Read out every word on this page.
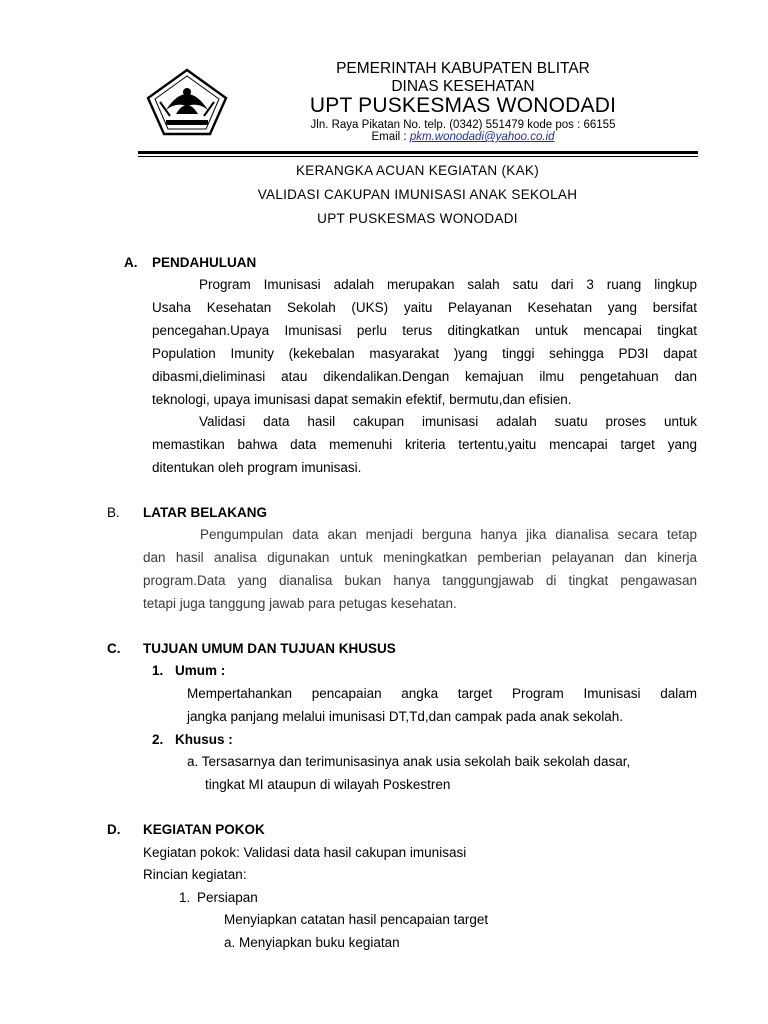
PEMERINTAH KABUPATEN BLITAR
DINAS KESEHATAN
UPT PUSKESMAS WONODADI
Jln. Raya Pikatan No. telp. (0342) 551479 kode pos : 66155
Email : pkm.wonodadi@yahoo.co.id
KERANGKA ACUAN KEGIATAN (KAK)
VALIDASI CAKUPAN IMUNISASI ANAK SEKOLAH
UPT PUSKESMAS WONODADI
A. PENDAHULUAN
Program Imunisasi adalah merupakan salah satu dari 3 ruang lingkup
Usaha Kesehatan Sekolah (UKS) yaitu Pelayanan Kesehatan yang bersifat
pencegahan.Upaya Imunisasi perlu terus ditingkatkan untuk mencapai tingkat
Population Imunity (kekebalan masyarakat )yang tinggi sehingga PD3I dapat
dibasmi,dieliminasi atau dikendalikan.Dengan kemajuan ilmu pengetahuan dan
teknologi, upaya imunisasi dapat semakin efektif, bermutu,dan efisien.
Validasi data hasil cakupan imunisasi adalah suatu proses untuk
memastikan bahwa data memenuhi kriteria tertentu,yaitu mencapai target yang
ditentukan oleh program imunisasi.
B. LATAR BELAKANG
Pengumpulan data akan menjadi berguna hanya jika dianalisa secara tetap
dan hasil analisa digunakan untuk meningkatkan pemberian pelayanan dan kinerja
program.Data yang dianalisa bukan hanya tanggungjawab di tingkat pengawasan
tetapi juga tanggung jawab para petugas kesehatan.
C. TUJUAN UMUM DAN TUJUAN KHUSUS
1. Umum :
Mempertahankan pencapaian angka target Program Imunisasi dalam
jangka panjang melalui imunisasi DT,Td,dan campak pada anak sekolah.
2. Khusus :
a. Tersasarnya dan terimunisasinya anak usia sekolah baik sekolah dasar,
tingkat MI ataupun di wilayah Poskestren
D. KEGIATAN POKOK
Kegiatan pokok: Validasi data hasil cakupan imunisasi
Rincian kegiatan:
1. Persiapan
Menyiapkan catatan hasil pencapaian target
a. Menyiapkan buku kegiatan
